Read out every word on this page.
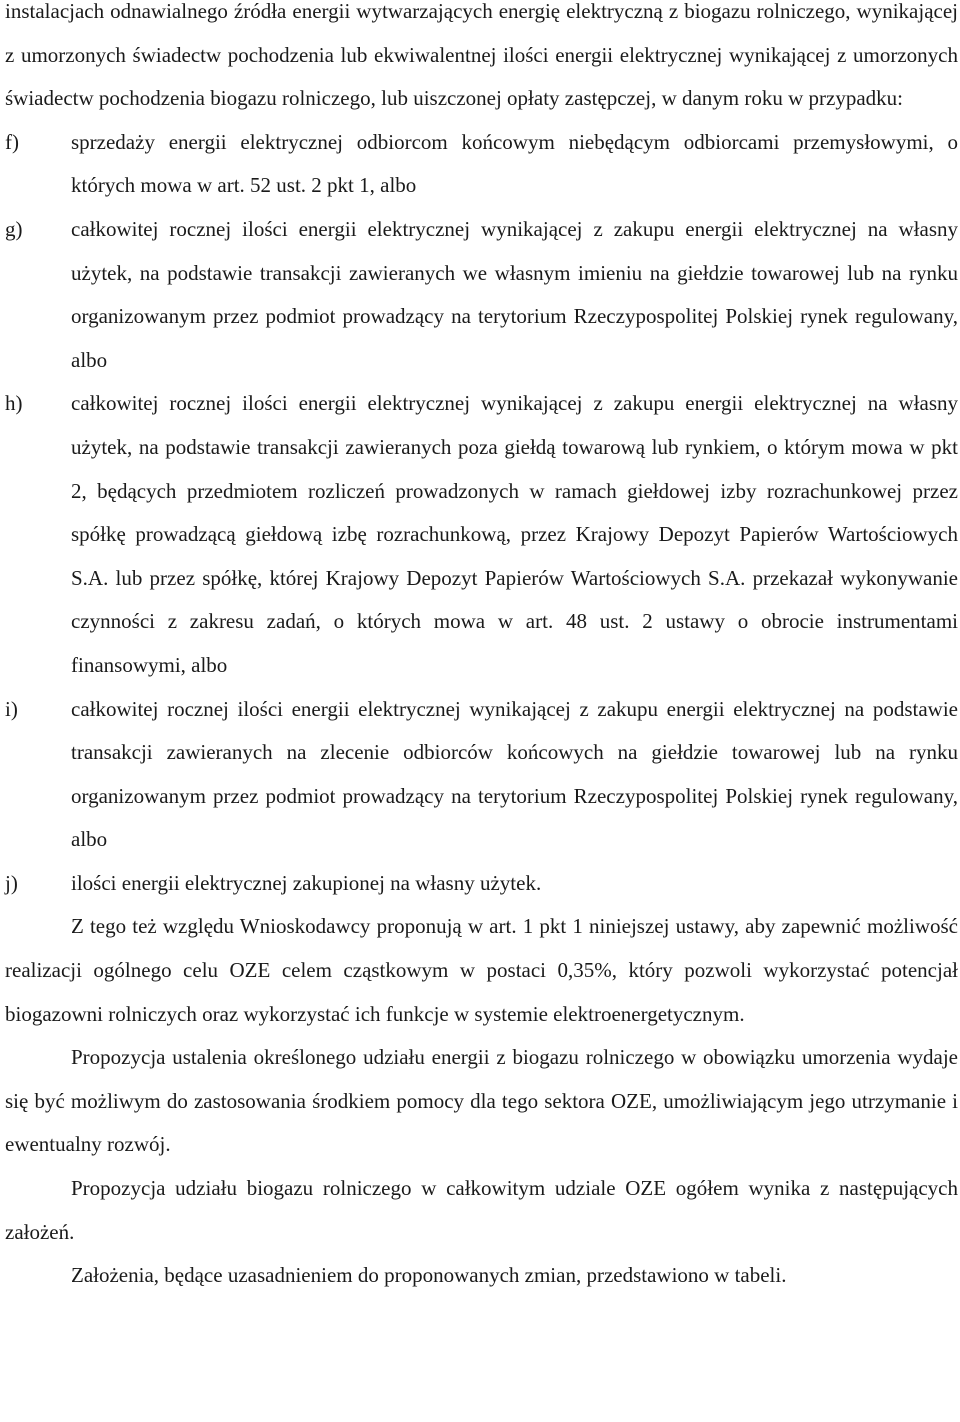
instalacjach odnawialnego źródła energii wytwarzających energię elektryczną z biogazu rolniczego, wynikającej z umorzonych świadectw pochodzenia lub ekwiwalentnej ilości energii elektrycznej wynikającej z umorzonych świadectw pochodzenia biogazu rolniczego, lub uiszczonej opłaty zastępczej, w danym roku w przypadku:

f) sprzedaży energii elektrycznej odbiorcom końcowym niebędącym odbiorcami przemysłowymi, o których mowa w art. 52 ust. 2 pkt 1, albo
g) całkowitej rocznej ilości energii elektrycznej wynikającej z zakupu energii elektrycznej na własny użytek, na podstawie transakcji zawieranych we własnym imieniu na giełdzie towarowej lub na rynku organizowanym przez podmiot prowadzący na terytorium Rzeczypospolitej Polskiej rynek regulowany, albo
h) całkowitej rocznej ilości energii elektrycznej wynikającej z zakupu energii elektrycznej na własny użytek, na podstawie transakcji zawieranych poza giełdą towarową lub rynkiem, o którym mowa w pkt 2, będących przedmiotem rozliczeń prowadzonych w ramach giełdowej izby rozrachunkowej przez spółkę prowadzącą giełdową izbę rozrachunkową, przez Krajowy Depozyt Papierów Wartościowych S.A. lub przez spółkę, której Krajowy Depozyt Papierów Wartościowych S.A. przekazał wykonywanie czynności z zakresu zadań, o których mowa w art. 48 ust. 2 ustawy o obrocie instrumentami finansowymi, albo
i)	całkowitej rocznej ilości energii elektrycznej wynikającej z zakupu energii elektrycznej na podstawie transakcji zawieranych na zlecenie odbiorców końcowych na giełdzie towarowej lub na rynku organizowanym przez podmiot prowadzący na terytorium Rzeczypospolitej Polskiej rynek regulowany, albo
j)	ilości energii elektrycznej zakupionej na własny użytek.

Z tego też względu Wnioskodawcy proponują w art. 1 pkt 1 niniejszej ustawy, aby zapewnić możliwość realizacji ogólnego celu OZE celem cząstkowym w postaci 0,35%, który pozwoli wykorzystać potencjał biogazowni rolniczych oraz wykorzystać ich funkcje w systemie elektroenergetycznym.

Propozycja ustalenia określonego udziału energii z biogazu rolniczego w obowiązku umorzenia wydaje się być możliwym do zastosowania środkiem pomocy dla tego sektora OZE, umożliwiającym jego utrzymanie i ewentualny rozwój.

Propozycja udziału biogazu rolniczego w całkowitym udziale OZE ogółem wynika z następujących założeń.

Założenia, będące uzasadnieniem do proponowanych zmian, przedstawiono w tabeli.
